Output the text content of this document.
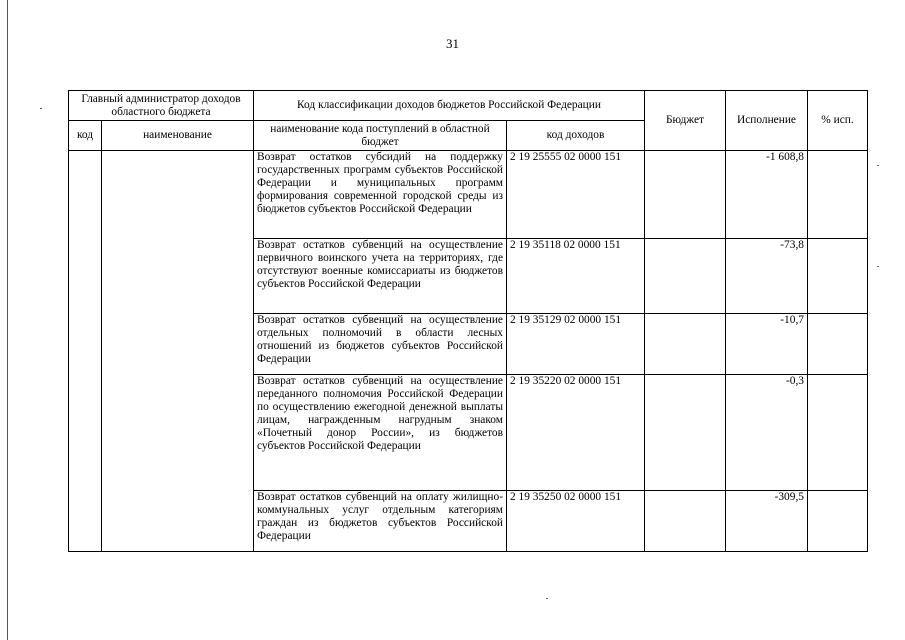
31
Главный администратор доходов областного бюджета		Код классификации доходов бюджетов Российской Федерации		Бюджет	Исполнение	% исп.
код	наименование	наименование кода поступлений в областной бюджет	код доходов			
		Возврат остатков субсидий на поддержку государственных программ субъектов Российской Федерации и муниципальных программ формирования современной городской среды из бюджетов субъектов Российской Федерации	2 19 25555 02 0000 151		-1 608,8	
		Возврат остатков субвенций на осуществление первичного воинского учета на территориях, где отсутствуют военные комиссариаты из бюджетов субъектов Российской Федерации	2 19 35118 02 0000 151		-73,8	
		Возврат остатков субвенций на осуществление отдельных полномочий в области лесных отношений из бюджетов субъектов Российской Федерации	2 19 35129 02 0000 151		-10,7	
		Возврат остатков субвенций на осуществление переданного полномочия Российской Федерации по осуществлению ежегодной денежной выплаты лицам, награжденным нагрудным знаком «Почетный донор России», из бюджетов субъектов Российской Федерации	2 19 35220 02 0000 151		-0,3	
		Возврат остатков субвенций на оплату жилищно-коммунальных услуг отдельным категориям граждан из бюджетов субъектов Российской Федерации	2 19 35250 02 0000 151		-309,5	
